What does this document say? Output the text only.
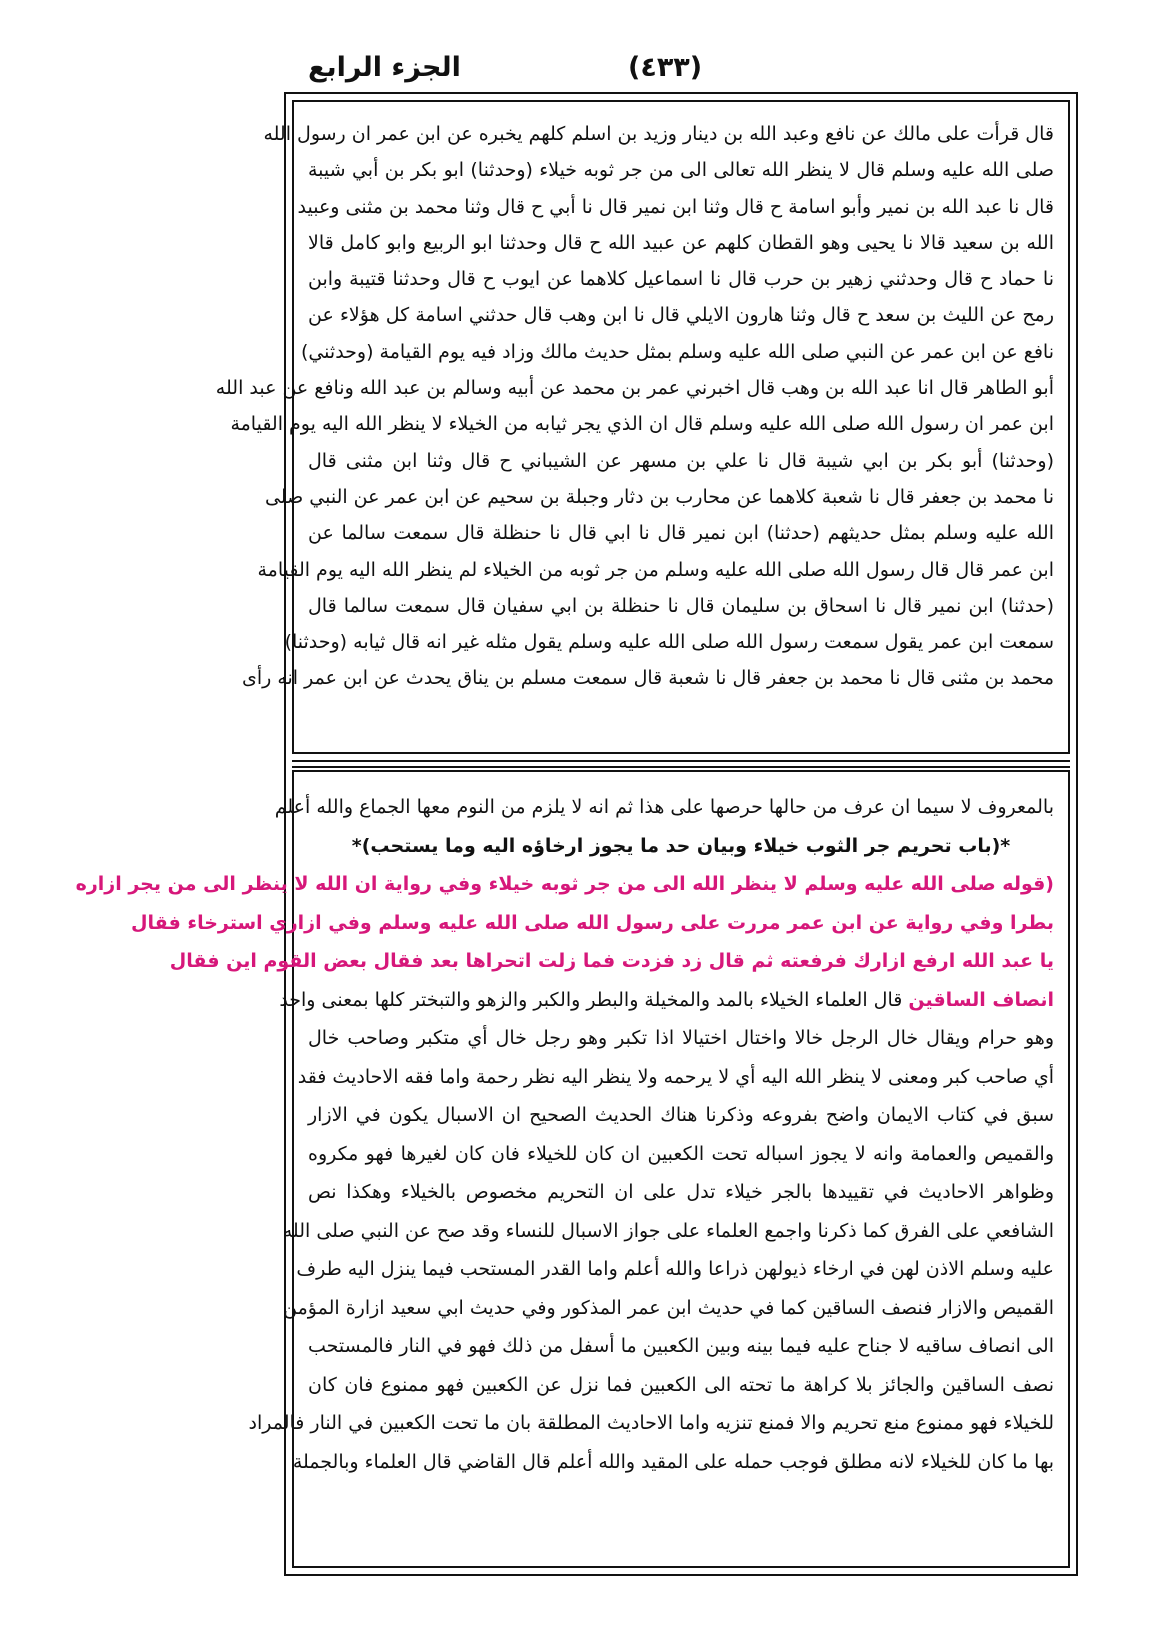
الجزء الرابع	(٤٣٣)
قال قرأت على مالك عن نافع وعبد الله بن دينار وزيد بن اسلم كلهم يخبره عن ابن عمر ان رسول الله
صلى الله عليه وسلم قال لا ينظر الله تعالى الى من جر ثوبه خيلاء (وحدثنا) ابو بكر بن أبي شيبة
قال نا عبد الله بن نمير وأبو اسامة ح قال وثنا ابن نمير قال نا أبي ح قال وثنا محمد بن مثنى وعبيد
الله بن سعيد قالا نا يحيى وهو القطان كلهم عن عبيد الله ح قال وحدثنا ابو الربيع وابو كامل قالا
نا حماد ح قال وحدثني زهير بن حرب قال نا اسماعيل كلاهما عن ايوب ح قال وحدثنا قتيبة وابن
رمح عن الليث بن سعد ح قال وثنا هارون الايلي قال نا ابن وهب قال حدثني اسامة كل هؤلاء عن
نافع عن ابن عمر عن النبي صلى الله عليه وسلم بمثل حديث مالك وزاد فيه يوم القيامة (وحدثني)
أبو الطاهر قال انا عبد الله بن وهب قال اخبرني عمر بن محمد عن أبيه وسالم بن عبد الله ونافع عن عبد الله
ابن عمر ان رسول الله صلى الله عليه وسلم قال ان الذي يجر ثيابه من الخيلاء لا ينظر الله اليه يوم القيامة
(وحدثنا) أبو بكر بن ابي شيبة قال نا علي بن مسهر عن الشيباني ح قال وثنا ابن مثنى قال
نا محمد بن جعفر قال نا شعبة كلاهما عن محارب بن دثار وجبلة بن سحيم عن ابن عمر عن النبي صلى
الله عليه وسلم بمثل حديثهم (حدثنا) ابن نمير قال نا ابي قال نا حنظلة قال سمعت سالما عن
ابن عمر قال قال رسول الله صلى الله عليه وسلم من جر ثوبه من الخيلاء لم ينظر الله اليه يوم القيامة
(حدثنا) ابن نمير قال نا اسحاق بن سليمان قال نا حنظلة بن ابي سفيان قال سمعت سالما قال
سمعت ابن عمر يقول سمعت رسول الله صلى الله عليه وسلم يقول مثله غير انه قال ثيابه (وحدثنا)
محمد بن مثنى قال نا محمد بن جعفر قال نا شعبة قال سمعت مسلم بن يناق يحدث عن ابن عمر انه رأى
بالمعروف لا سيما ان عرف من حالها حرصها على هذا ثم انه لا يلزم من النوم معها الجماع والله أعلم
*(باب تحريم جر الثوب خيلاء وبيان حد ما يجوز ارخاؤه اليه وما يستحب)*
(قوله صلى الله عليه وسلم لا ينظر الله الى من جر ثوبه خيلاء وفي رواية ان الله لا ينظر الى من يجر ازاره
بطرا وفي رواية عن ابن عمر مررت على رسول الله صلى الله عليه وسلم وفي ازاري استرخاء فقال
يا عبد الله ارفع ازارك فرفعته ثم قال زد فزدت فما زلت اتحراها بعد فقال بعض القوم اين فقال
انصاف الساقين قال العلماء الخيلاء بالمد والمخيلة والبطر والكبر والزهو والتبختر كلها بمعنى واحد
وهو حرام ويقال خال الرجل خالا واختال اختيالا اذا تكبر وهو رجل خال أي متكبر وصاحب خال
أي صاحب كبر ومعنى لا ينظر الله اليه أي لا يرحمه ولا ينظر اليه نظر رحمة واما فقه الاحاديث فقد
سبق في كتاب الايمان واضح بفروعه وذكرنا هناك الحديث الصحيح ان الاسبال يكون في الازار
والقميص والعمامة وانه لا يجوز اسباله تحت الكعبين ان كان للخيلاء فان كان لغيرها فهو مكروه
وظواهر الاحاديث في تقييدها بالجر خيلاء تدل على ان التحريم مخصوص بالخيلاء وهكذا نص
الشافعي على الفرق كما ذكرنا واجمع العلماء على جواز الاسبال للنساء وقد صح عن النبي صلى الله
عليه وسلم الاذن لهن في ارخاء ذيولهن ذراعا والله أعلم واما القدر المستحب فيما ينزل اليه طرف
القميص والازار فنصف الساقين كما في حديث ابن عمر المذكور وفي حديث ابي سعيد ازارة المؤمن
الى انصاف ساقيه لا جناح عليه فيما بينه وبين الكعبين ما أسفل من ذلك فهو في النار فالمستحب
نصف الساقين والجائز بلا كراهة ما تحته الى الكعبين فما نزل عن الكعبين فهو ممنوع فان كان
للخيلاء فهو ممنوع منع تحريم والا فمنع تنزيه واما الاحاديث المطلقة بان ما تحت الكعبين في النار فالمراد
بها ما كان للخيلاء لانه مطلق فوجب حمله على المقيد والله أعلم قال القاضي قال العلماء وبالجملة
